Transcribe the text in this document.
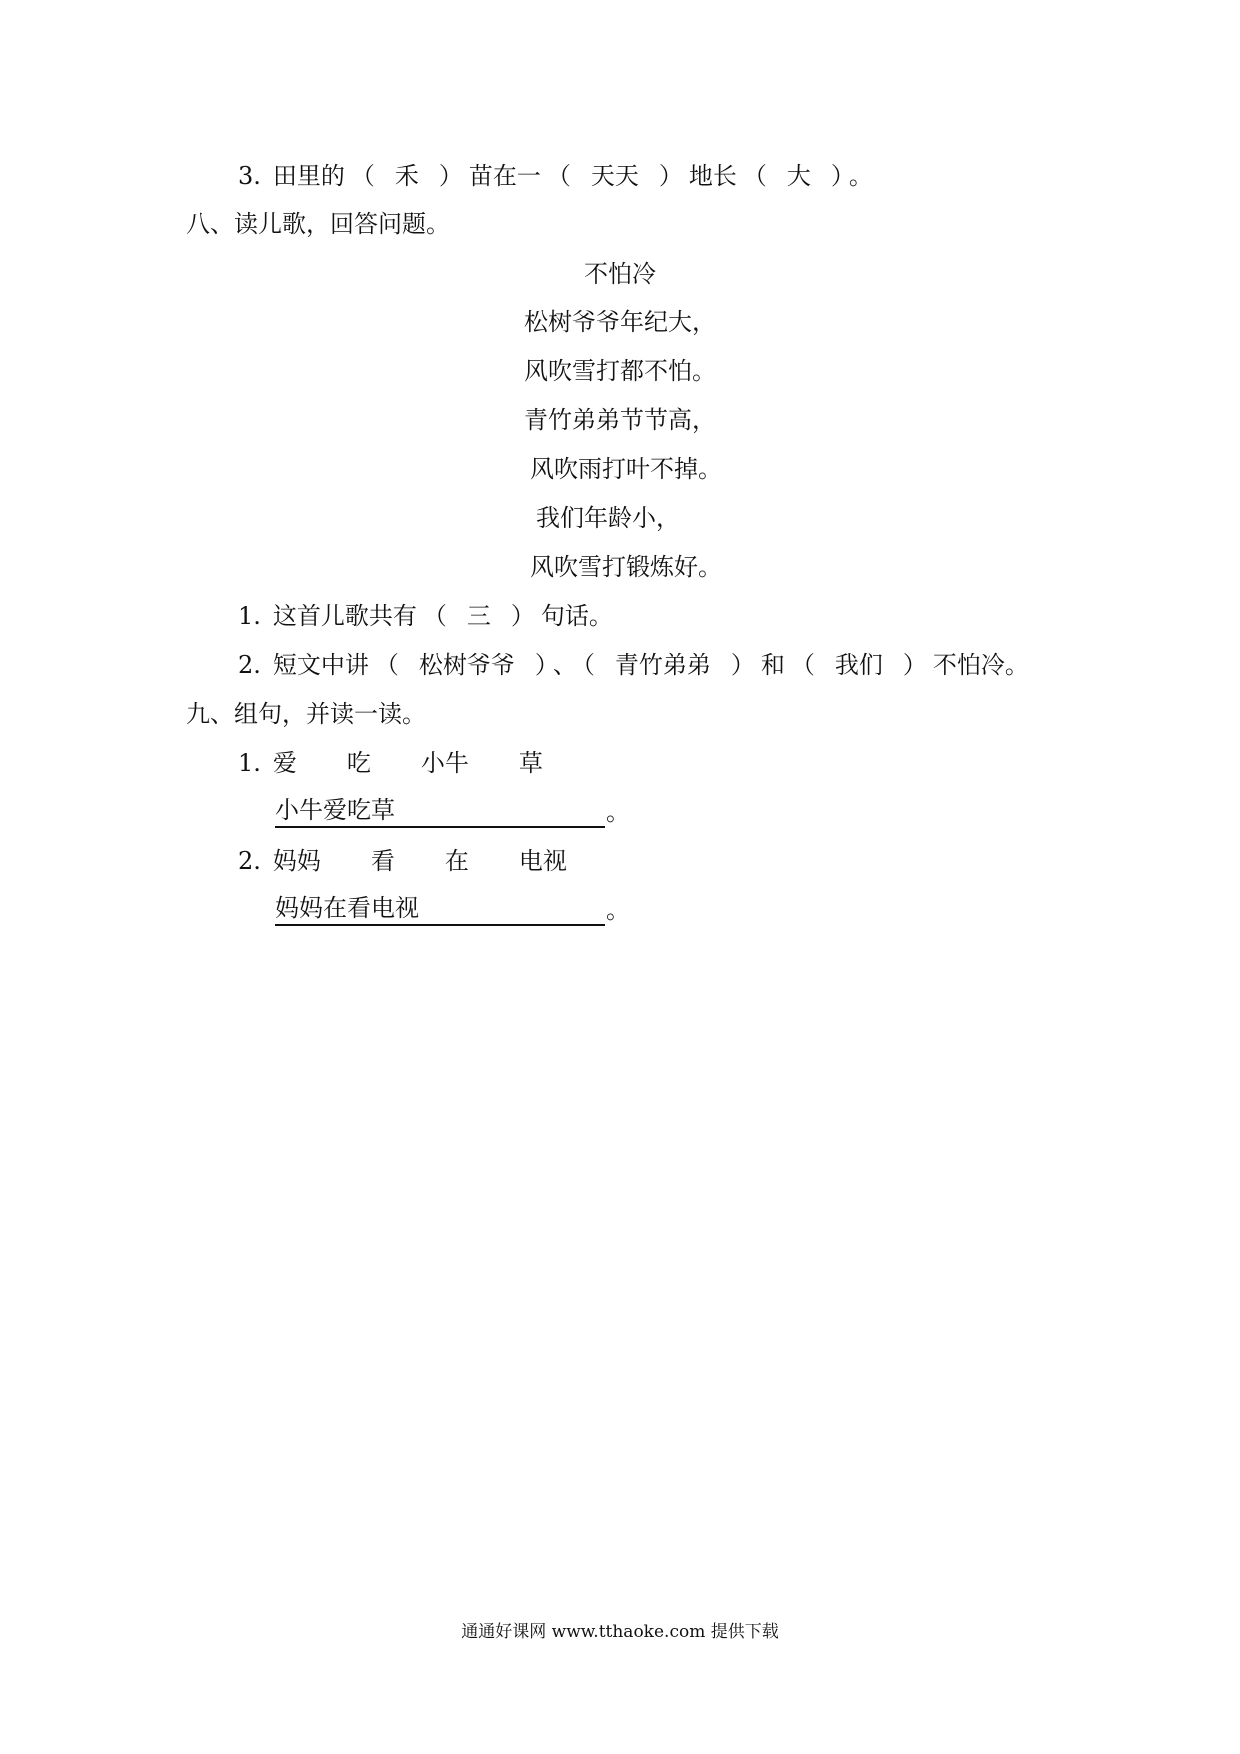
3. 田里的 （ 禾 ） 苗在一 （ 天天 ） 地长 （ 大 ） 。
八、读儿歌，回答问题。
不怕冷
松树爷爷年纪大，
风吹雪打都不怕。
青竹弟弟节节高，
风吹雨打叶不掉。
我们年龄小，
风吹雪打锻炼好。
1. 这首儿歌共有 （ 三 ） 句话。
2. 短文中讲 （ 松树爷爷 ） 、 （ 青竹弟弟 ） 和 （ 我们 ） 不怕冷。
九、组句，并读一读。
1. 爱 吃 小牛 草
小牛爱吃草	。
2. 妈妈 看 在 电视
妈妈在看电视	。
通通好课网 www.tthaoke.com 提供下载
